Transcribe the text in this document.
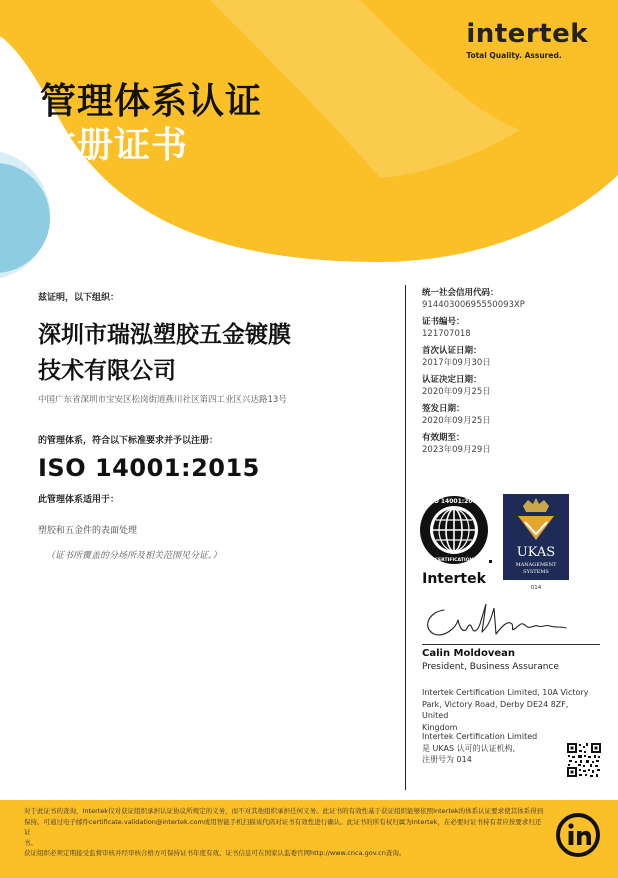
intertek
Total Quality. Assured.
管理体系认证
注册证书
兹证明，以下组织：
深圳市瑞泓塑胶五金镀膜
技术有限公司
中国广东省深圳市宝安区松岗街道燕川社区第四工业区兴达路13号
的管理体系，符合以下标准要求并予以注册：
ISO 14001:2015
此管理体系适用于：
塑胶和五金件的表面处理
（证书所覆盖的分场所及相关范围见分证。）
统一社会信用代码：
91440300695550093XP
证书编号：
121707018
首次认证日期：
2017年09月30日
认证决定日期：
2020年09月25日
签发日期：
2020年09月25日
有效期至：
2023年09月29日
ISO 14001:2015
CERTIFICATION
Intertek
UKAS
MANAGEMENT
SYSTEMS
014
Calin Moldovean
President, Business Assurance
Intertek Certification Limited, 10A Victory
Park, Victory Road, Derby DE24 8ZF, United
Kingdom
Intertek Certification Limited
是 UKAS 认可的认证机构,
注册号为 014
对于此证书的查询，Intertek仅对获证组织承担认证协议所规定的义务，而不对其他组织承担任何义务。此证书的有效性基于获证组织能够依照Intertek的体系认证要求使其体系得到
保持。可通过电子邮件certificate.validation@intertek.com或用智能手机扫描该代码对证书有效性进行确认。此证书的所有权归属为Intertek，在必要时证书持有者应按要求归还证
书。
获证组织必须定期接受监督审核并经审核合格方可保持证书年度有效。证书信息可在国家认监委官网http://www.cnca.gov.cn查询。
